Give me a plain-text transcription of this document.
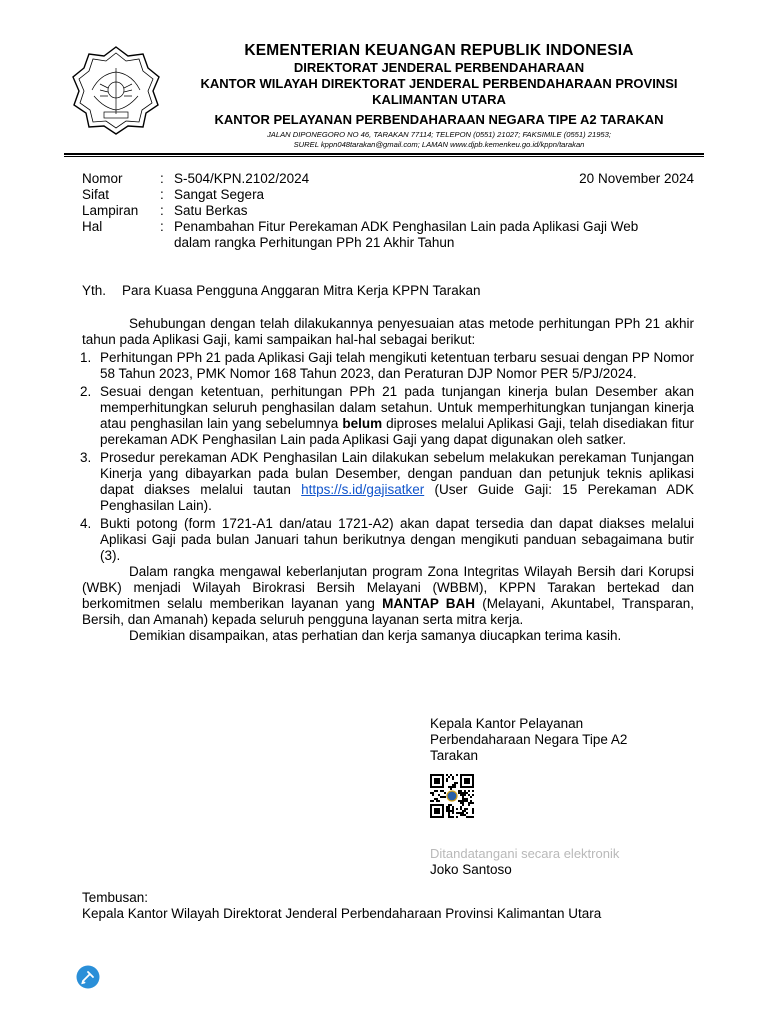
KEMENTERIAN KEUANGAN REPUBLIK INDONESIA
DIREKTORAT JENDERAL PERBENDAHARAAN
KANTOR WILAYAH DIREKTORAT JENDERAL PERBENDAHARAAN PROVINSI
KALIMANTAN UTARA
KANTOR PELAYANAN PERBENDAHARAAN NEGARA TIPE A2 TARAKAN
JALAN DIPONEGORO NO 46, TARAKAN 77114; TELEPON (0551) 21027; FAKSIMILE (0551) 21953;
SUREL kppn048tarakan@gmail.com; LAMAN www.djpb.kemenkeu.go.id/kppn/tarakan
20 November 2024
Nomor	: S-504/KPN.2102/2024
Sifat	: Sangat Segera
Lampiran	: Satu Berkas
Hal	: Penambahan Fitur Perekaman ADK Penghasilan Lain pada Aplikasi Gaji Web
dalam rangka Perhitungan PPh 21 Akhir Tahun
Yth.	Para Kuasa Pengguna Anggaran Mitra Kerja KPPN Tarakan

Sehubungan dengan telah dilakukannya penyesuaian atas metode perhitungan PPh 21 akhir tahun pada Aplikasi Gaji, kami sampaikan hal-hal sebagai berikut:

1. Perhitungan PPh 21 pada Aplikasi Gaji telah mengikuti ketentuan terbaru sesuai dengan PP Nomor 58 Tahun 2023, PMK Nomor 168 Tahun 2023, dan Peraturan DJP Nomor PER 5/PJ/2024.
2. Sesuai dengan ketentuan, perhitungan PPh 21 pada tunjangan kinerja bulan Desember akan memperhitungkan seluruh penghasilan dalam setahun. Untuk memperhitungkan tunjangan kinerja atau penghasilan lain yang sebelumnya belum diproses melalui Aplikasi Gaji, telah disediakan fitur perekaman ADK Penghasilan Lain pada Aplikasi Gaji yang dapat digunakan oleh satker.
3. Prosedur perekaman ADK Penghasilan Lain dilakukan sebelum melakukan perekaman Tunjangan Kinerja yang dibayarkan pada bulan Desember, dengan panduan dan petunjuk teknis aplikasi dapat diakses melalui tautan https://s.id/gajisatker (User Guide Gaji: 15 Perekaman ADK Penghasilan Lain).
4. Bukti potong (form 1721-A1 dan/atau 1721-A2) akan dapat tersedia dan dapat diakses melalui Aplikasi Gaji pada bulan Januari tahun berikutnya dengan mengikuti panduan sebagaimana butir (3).

Dalam rangka mengawal keberlanjutan program Zona Integritas Wilayah Bersih dari Korupsi (WBK) menjadi Wilayah Birokrasi Bersih Melayani (WBBM), KPPN Tarakan bertekad dan berkomitmen selalu memberikan layanan yang MANTAP BAH (Melayani, Akuntabel, Transparan, Bersih, dan Amanah) kepada seluruh pengguna layanan serta mitra kerja.

Demikian disampaikan, atas perhatian dan kerja samanya diucapkan terima kasih.

Kepala Kantor Pelayanan
Perbendaharaan Negara Tipe A2
Tarakan
Ditandatangani secara elektronik
Joko Santoso
Tembusan:
Kepala Kantor Wilayah Direktorat Jenderal Perbendaharaan Provinsi Kalimantan Utara
